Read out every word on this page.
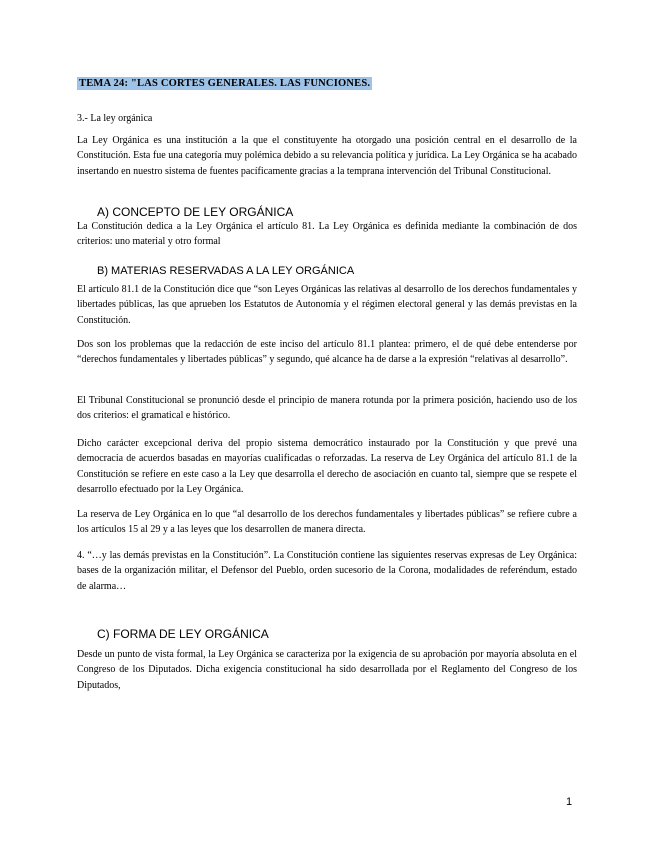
TEMA 24: "LAS CORTES GENERALES. LAS FUNCIONES.

3.- La ley orgánica

La Ley Orgánica es una institución a la que el constituyente ha otorgado una posición central en el desarrollo de la Constitución. Esta fue una categoría muy polémica debido a su relevancia política y jurídica. La Ley Orgánica se ha acabado insertando en nuestro sistema de fuentes pacíficamente gracias a la temprana intervención del Tribunal Constitucional.

A) CONCEPTO DE LEY ORGÁNICA

La Constitución dedica a la Ley Orgánica el artículo 81. La Ley Orgánica es definida mediante la combinación de dos criterios: uno material y otro formal

B) MATERIAS RESERVADAS A LA LEY ORGÁNICA

El artículo 81.1 de la Constitución dice que “son Leyes Orgánicas las relativas al desarrollo de los derechos fundamentales y libertades públicas, las que aprueben los Estatutos de Autonomía y el régimen electoral general y las demás previstas en la Constitución.

Dos son los problemas que la redacción de este inciso del artículo 81.1 plantea: primero, el de qué debe entenderse por “derechos fundamentales y libertades públicas” y segundo, qué alcance ha de darse a la expresión “relativas al desarrollo”.

El Tribunal Constitucional se pronunció desde el principio de manera rotunda por la primera posición, haciendo uso de los dos criterios: el gramatical e histórico.

Dicho carácter excepcional deriva del propio sistema democrático instaurado por la Constitución y que prevé una democracia de acuerdos basadas en mayorías cualificadas o reforzadas. La reserva de Ley Orgánica del artículo 81.1 de la Constitución se refiere en este caso a la Ley que desarrolla el derecho de asociación en cuanto tal, siempre que se respete el desarrollo efectuado por la Ley Orgánica.

La reserva de Ley Orgánica en lo que “al desarrollo de los derechos fundamentales y libertades públicas” se refiere cubre a los artículos 15 al 29 y a las leyes que los desarrollen de manera directa.

4. “…y las demás previstas en la Constitución”. La Constitución contiene las siguientes reservas expresas de Ley Orgánica: bases de la organización militar, el Defensor del Pueblo, orden sucesorio de la Corona, modalidades de referéndum, estado de alarma…

C) FORMA DE LEY ORGÁNICA

Desde un punto de vista formal, la Ley Orgánica se caracteriza por la exigencia de su aprobación por mayoría absoluta en el Congreso de los Diputados. Dicha exigencia constitucional ha sido desarrollada por el Reglamento del Congreso de los Diputados,

1
